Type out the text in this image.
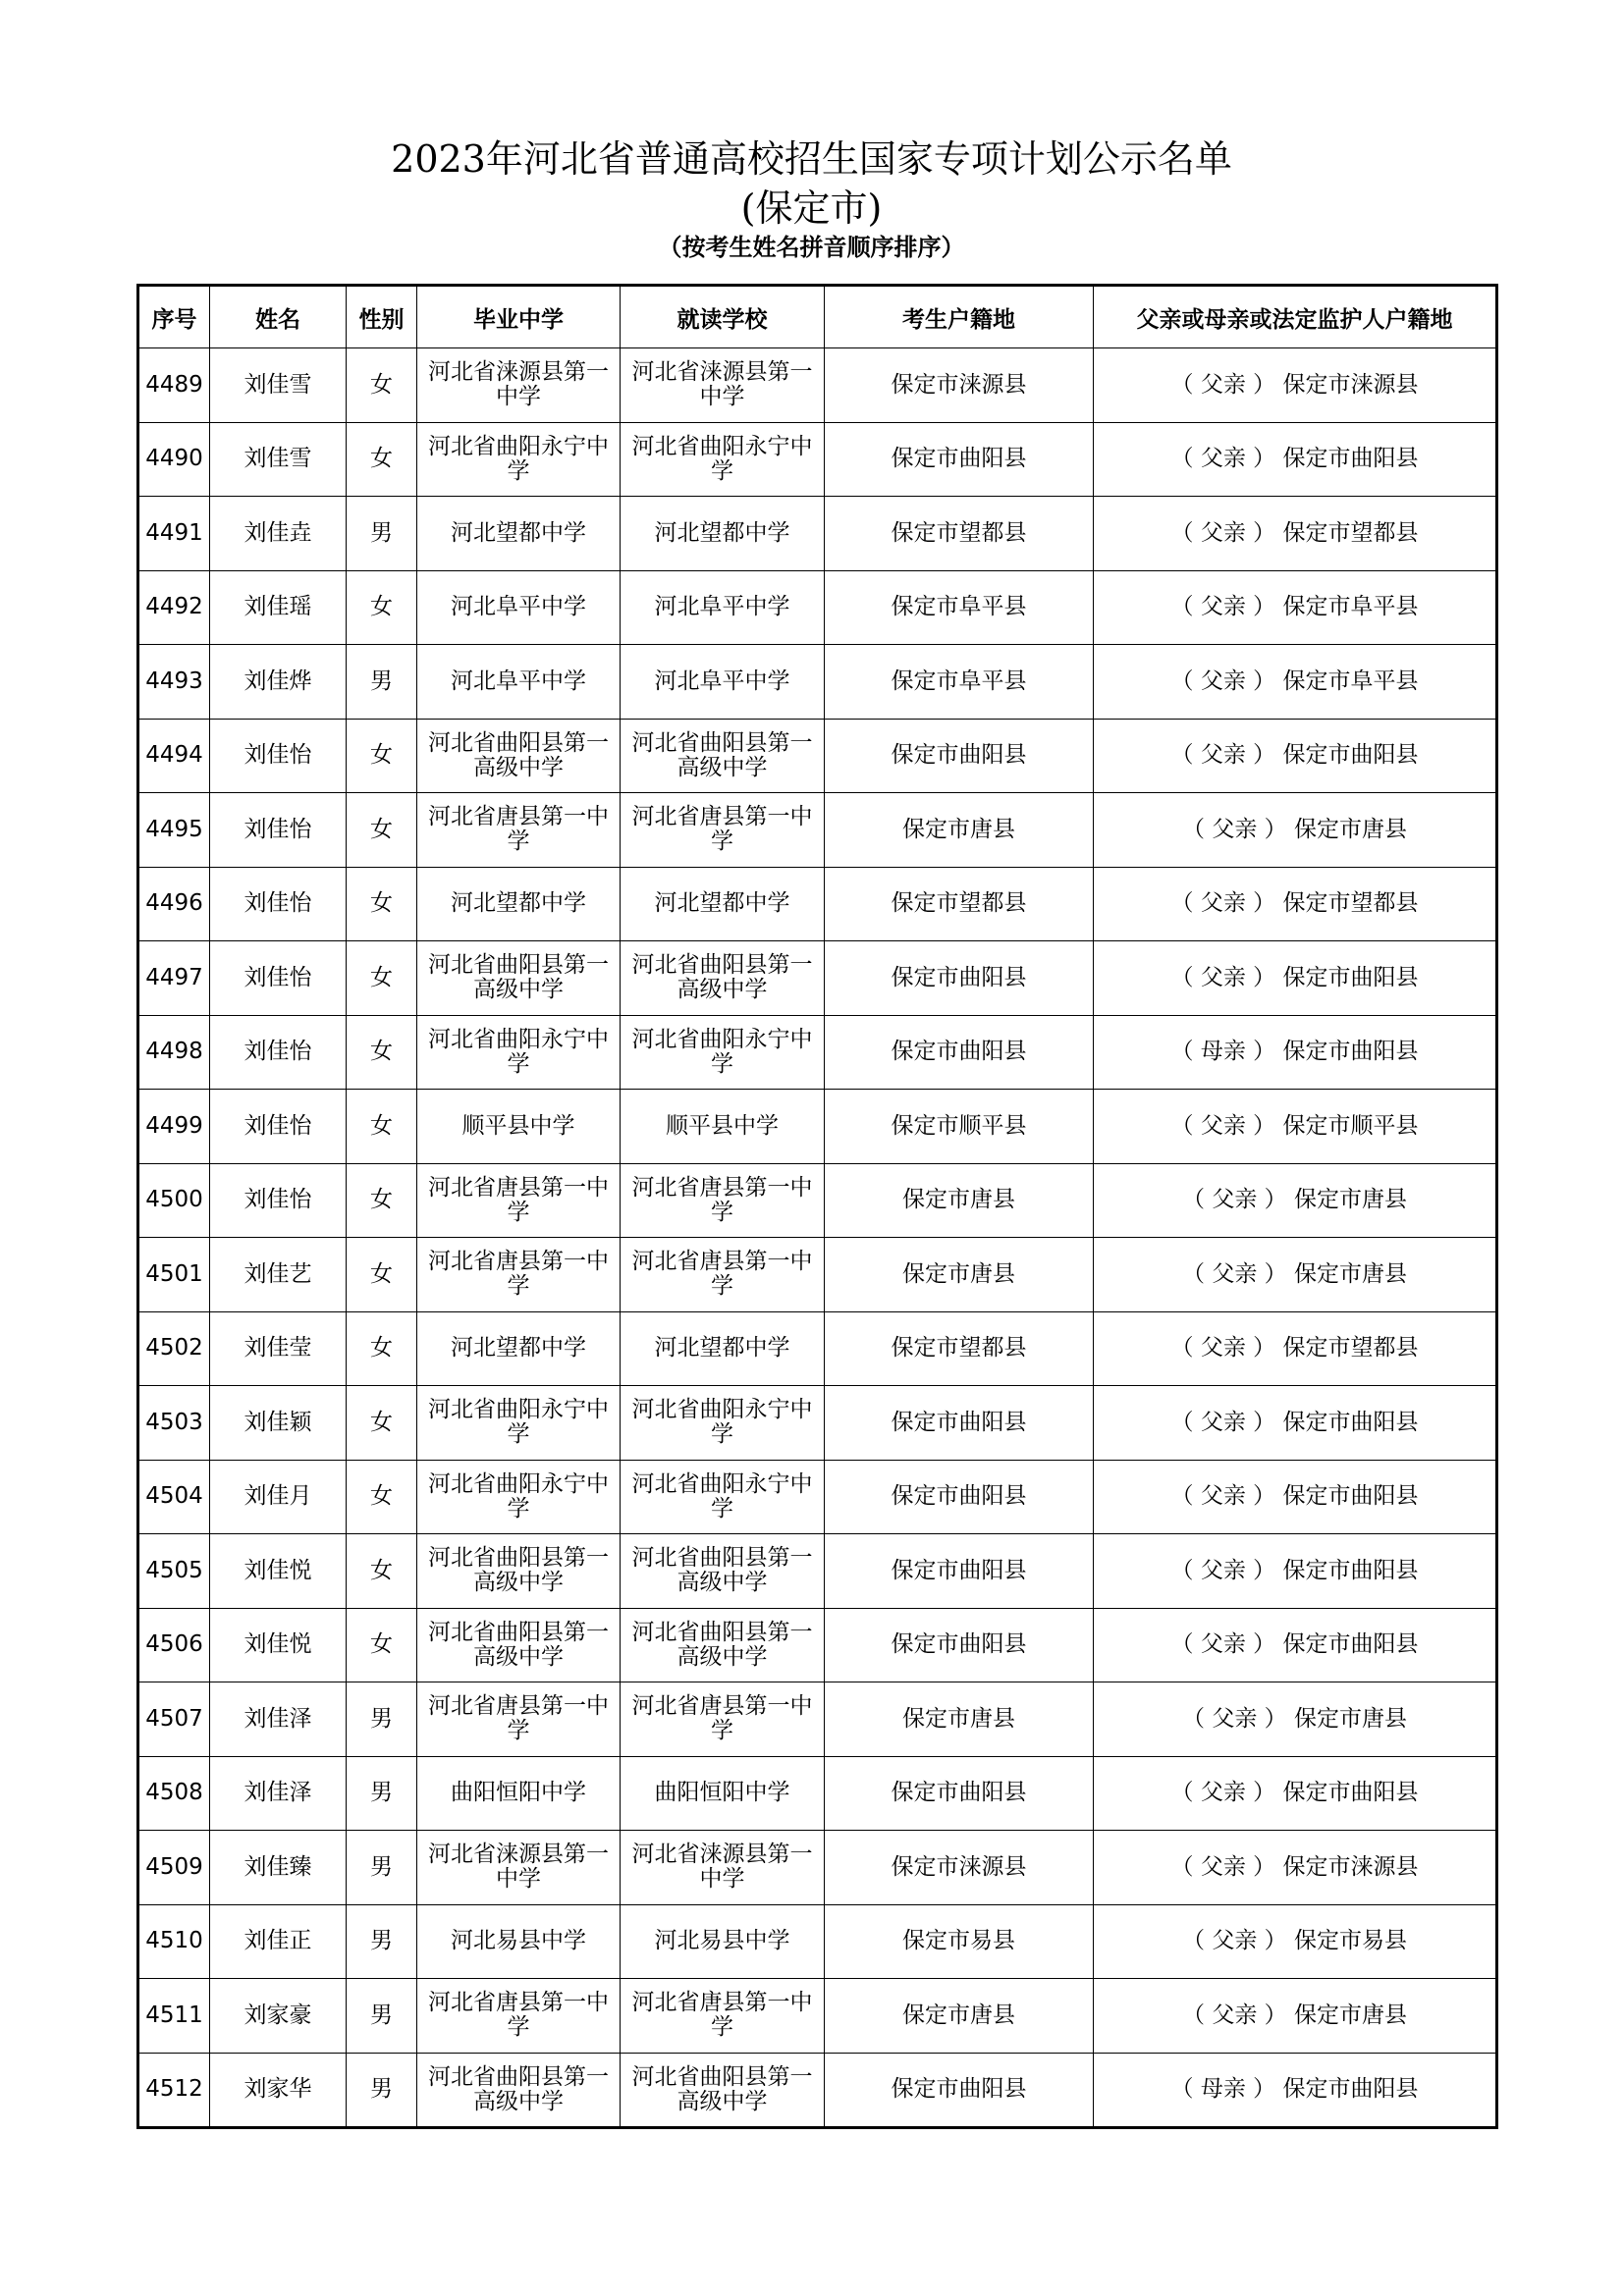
2023年河北省普通高校招生国家专项计划公示名单
(保定市)
（按考生姓名拼音顺序排序）
序号	姓名	性别	毕业中学	就读学校	考生户籍地	父亲或母亲或法定监护人户籍地
4489	刘佳雪	女	河北省涞源县第一中学	河北省涞源县第一中学	保定市涞源县	（ 父亲 ） 保定市涞源县
4490	刘佳雪	女	河北省曲阳永宁中学	河北省曲阳永宁中学	保定市曲阳县	（ 父亲 ） 保定市曲阳县
4491	刘佳垚	男	河北望都中学	河北望都中学	保定市望都县	（ 父亲 ） 保定市望都县
4492	刘佳瑶	女	河北阜平中学	河北阜平中学	保定市阜平县	（ 父亲 ） 保定市阜平县
4493	刘佳烨	男	河北阜平中学	河北阜平中学	保定市阜平县	（ 父亲 ） 保定市阜平县
4494	刘佳怡	女	河北省曲阳县第一高级中学	河北省曲阳县第一高级中学	保定市曲阳县	（ 父亲 ） 保定市曲阳县
4495	刘佳怡	女	河北省唐县第一中学	河北省唐县第一中学	保定市唐县	（ 父亲 ） 保定市唐县
4496	刘佳怡	女	河北望都中学	河北望都中学	保定市望都县	（ 父亲 ） 保定市望都县
4497	刘佳怡	女	河北省曲阳县第一高级中学	河北省曲阳县第一高级中学	保定市曲阳县	（ 父亲 ） 保定市曲阳县
4498	刘佳怡	女	河北省曲阳永宁中学	河北省曲阳永宁中学	保定市曲阳县	（ 母亲 ） 保定市曲阳县
4499	刘佳怡	女	顺平县中学	顺平县中学	保定市顺平县	（ 父亲 ） 保定市顺平县
4500	刘佳怡	女	河北省唐县第一中学	河北省唐县第一中学	保定市唐县	（ 父亲 ） 保定市唐县
4501	刘佳艺	女	河北省唐县第一中学	河北省唐县第一中学	保定市唐县	（ 父亲 ） 保定市唐县
4502	刘佳莹	女	河北望都中学	河北望都中学	保定市望都县	（ 父亲 ） 保定市望都县
4503	刘佳颖	女	河北省曲阳永宁中学	河北省曲阳永宁中学	保定市曲阳县	（ 父亲 ） 保定市曲阳县
4504	刘佳月	女	河北省曲阳永宁中学	河北省曲阳永宁中学	保定市曲阳县	（ 父亲 ） 保定市曲阳县
4505	刘佳悦	女	河北省曲阳县第一高级中学	河北省曲阳县第一高级中学	保定市曲阳县	（ 父亲 ） 保定市曲阳县
4506	刘佳悦	女	河北省曲阳县第一高级中学	河北省曲阳县第一高级中学	保定市曲阳县	（ 父亲 ） 保定市曲阳县
4507	刘佳泽	男	河北省唐县第一中学	河北省唐县第一中学	保定市唐县	（ 父亲 ） 保定市唐县
4508	刘佳泽	男	曲阳恒阳中学	曲阳恒阳中学	保定市曲阳县	（ 父亲 ） 保定市曲阳县
4509	刘佳臻	男	河北省涞源县第一中学	河北省涞源县第一中学	保定市涞源县	（ 父亲 ） 保定市涞源县
4510	刘佳正	男	河北易县中学	河北易县中学	保定市易县	（ 父亲 ） 保定市易县
4511	刘家豪	男	河北省唐县第一中学	河北省唐县第一中学	保定市唐县	（ 父亲 ） 保定市唐县
4512	刘家华	男	河北省曲阳县第一高级中学	河北省曲阳县第一高级中学	保定市曲阳县	（ 母亲 ） 保定市曲阳县
